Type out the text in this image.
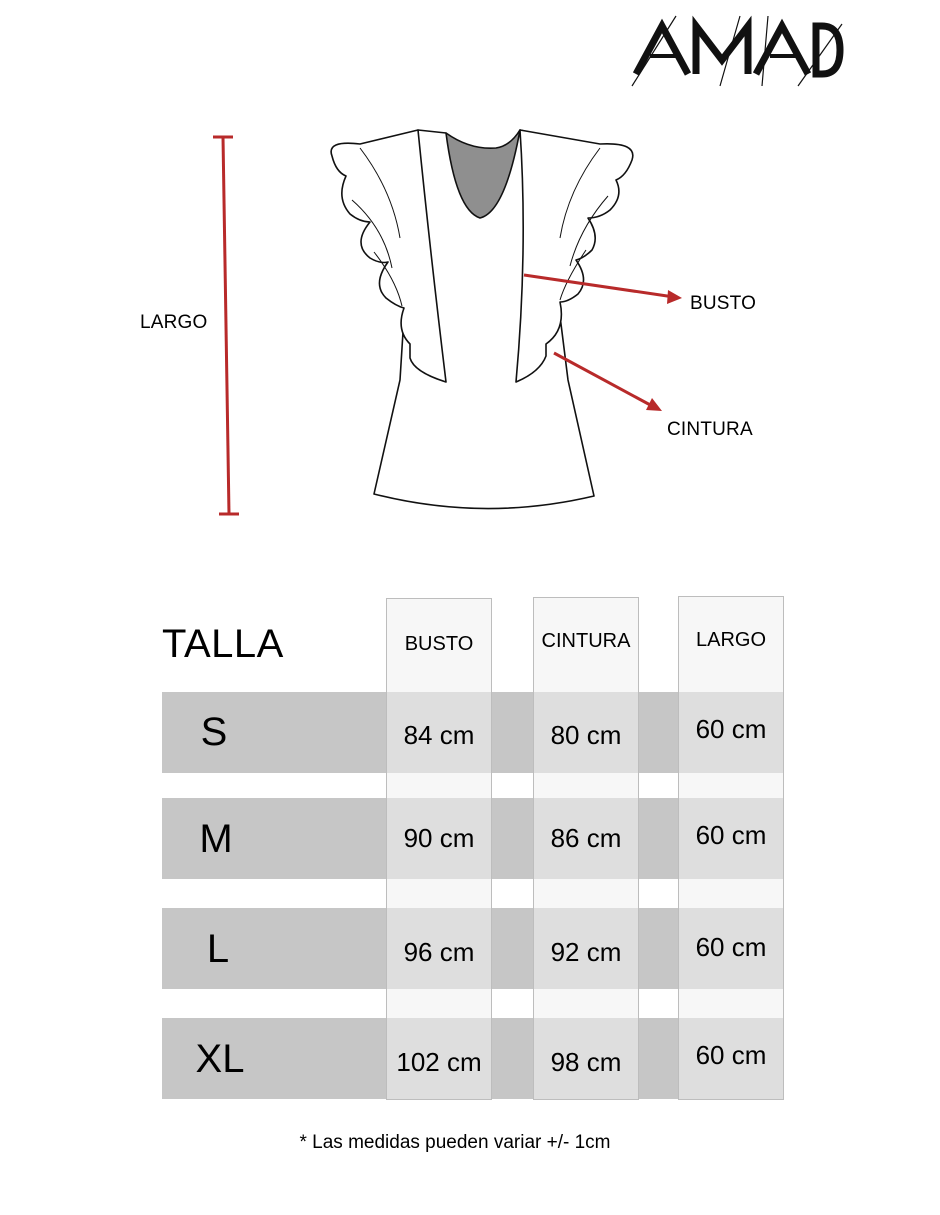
LARGO
BUSTO
CINTURA
TALLA	BUSTO	CINTURA	LARGO
S	84 cm	80 cm	60 cm
M	90 cm	86 cm	60 cm
L	96 cm	92 cm	60 cm
XL	102 cm	98 cm	60 cm
* Las medidas pueden variar +/- 1cm
